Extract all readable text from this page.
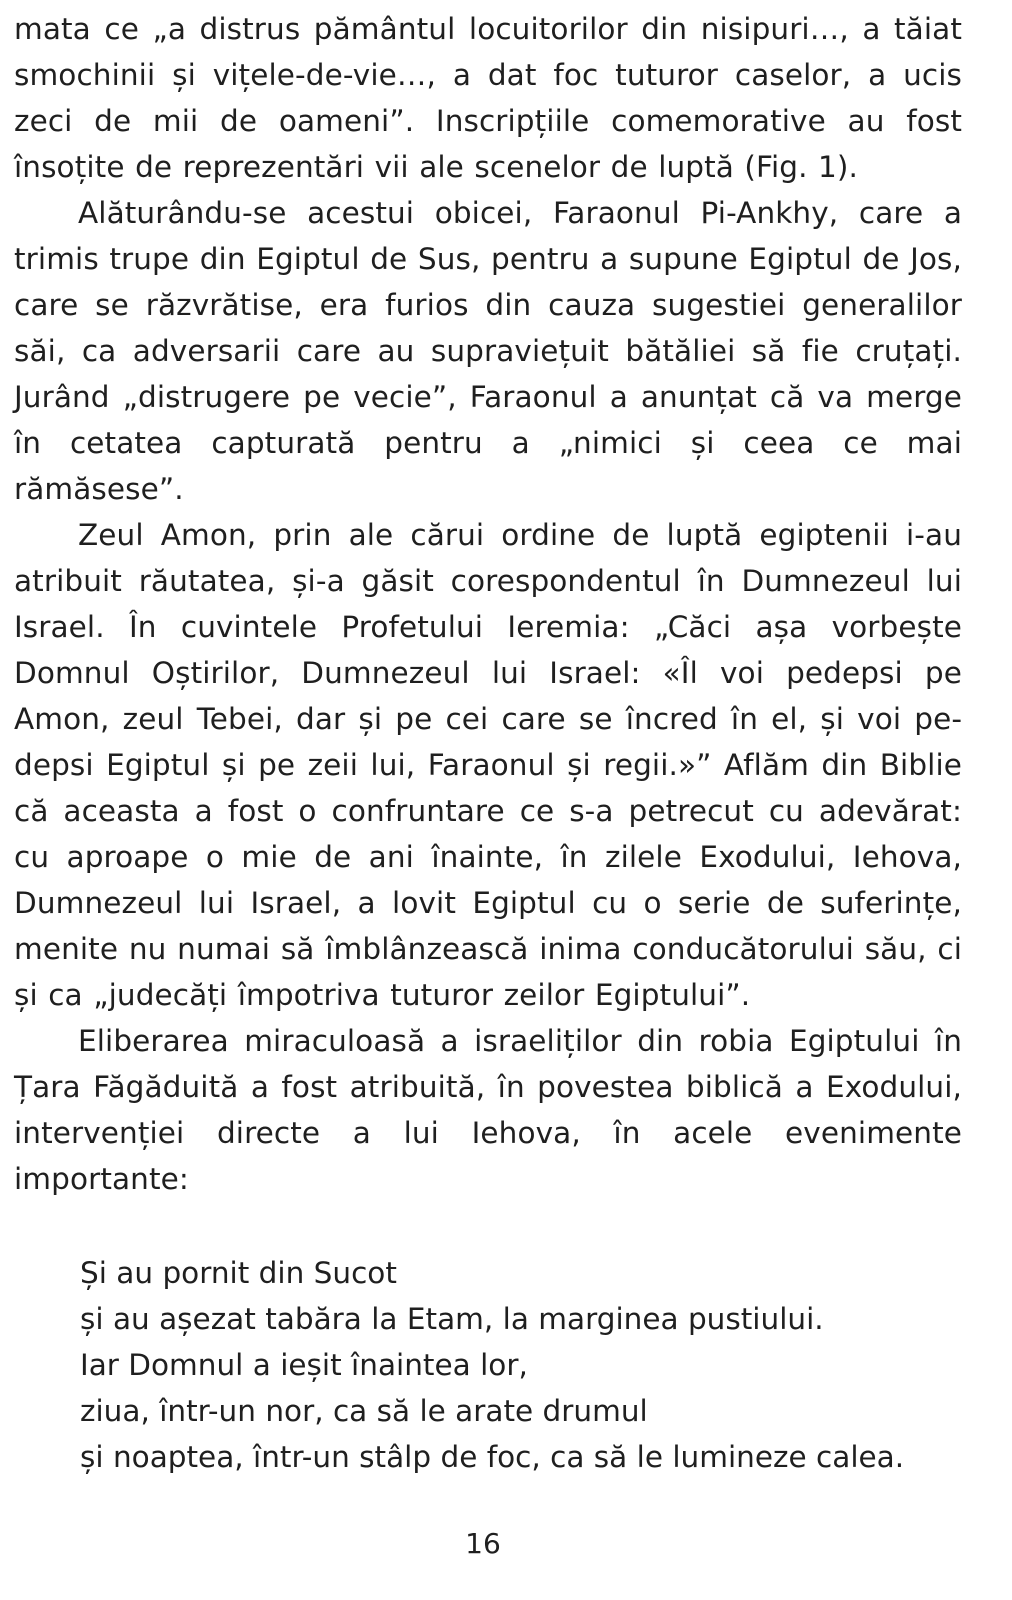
mata ce „a distrus pământul locuitorilor din nisipuri…, a tăiat smochinii și vițele-de-vie…, a dat foc tuturor caselor, a ucis zeci de mii de oameni”. Inscripțiile comemorative au fost însoțite de reprezentări vii ale scenelor de luptă (Fig. 1).

Alăturându-se acestui obicei, Faraonul Pi-Ankhy, care a trimis trupe din Egiptul de Sus, pentru a supune Egiptul de Jos, care se răzvrătise, era furios din cauza sugestiei generalilor săi, ca adversarii care au supraviețuit bătăliei să fie cruțați. Jurând „distrugere pe vecie”, Faraonul a anunțat că va merge în cetatea capturată pentru a „nimici și ceea ce mai rămăsese”.

Zeul Amon, prin ale cărui ordine de luptă egiptenii i-au atribuit răutatea, și-a găsit corespondentul în Dumnezeul lui Israel. În cuvintele Profetului Ieremia: „Căci așa vorbește Domnul Oștirilor, Dumnezeul lui Israel: «Îl voi pedepsi pe Amon, zeul Tebei, dar și pe cei care se încred în el, și voi pedepsi Egiptul și pe zeii lui, Faraonul și regii.»” Aflăm din Biblie că aceasta a fost o confruntare ce s-a petrecut cu adevărat: cu aproape o mie de ani înainte, în zilele Exodului, Iehova, Dumnezeul lui Israel, a lovit Egiptul cu o serie de suferințe, menite nu numai să îmblânzească inima conducătorului său, ci și ca „judecăți împotriva tuturor zeilor Egiptului”.

Eliberarea miraculoasă a israeliților din robia Egiptului în Țara Făgăduită a fost atribuită, în povestea biblică a Exodului, intervenției directe a lui Iehova, în acele evenimente importante:

Și au pornit din Sucot
și au așezat tabăra la Etam, la marginea pustiului.
Iar Domnul a ieșit înaintea lor,
ziua, într-un nor, ca să le arate drumul
și noaptea, într-un stâlp de foc, ca să le lumineze calea.
16
